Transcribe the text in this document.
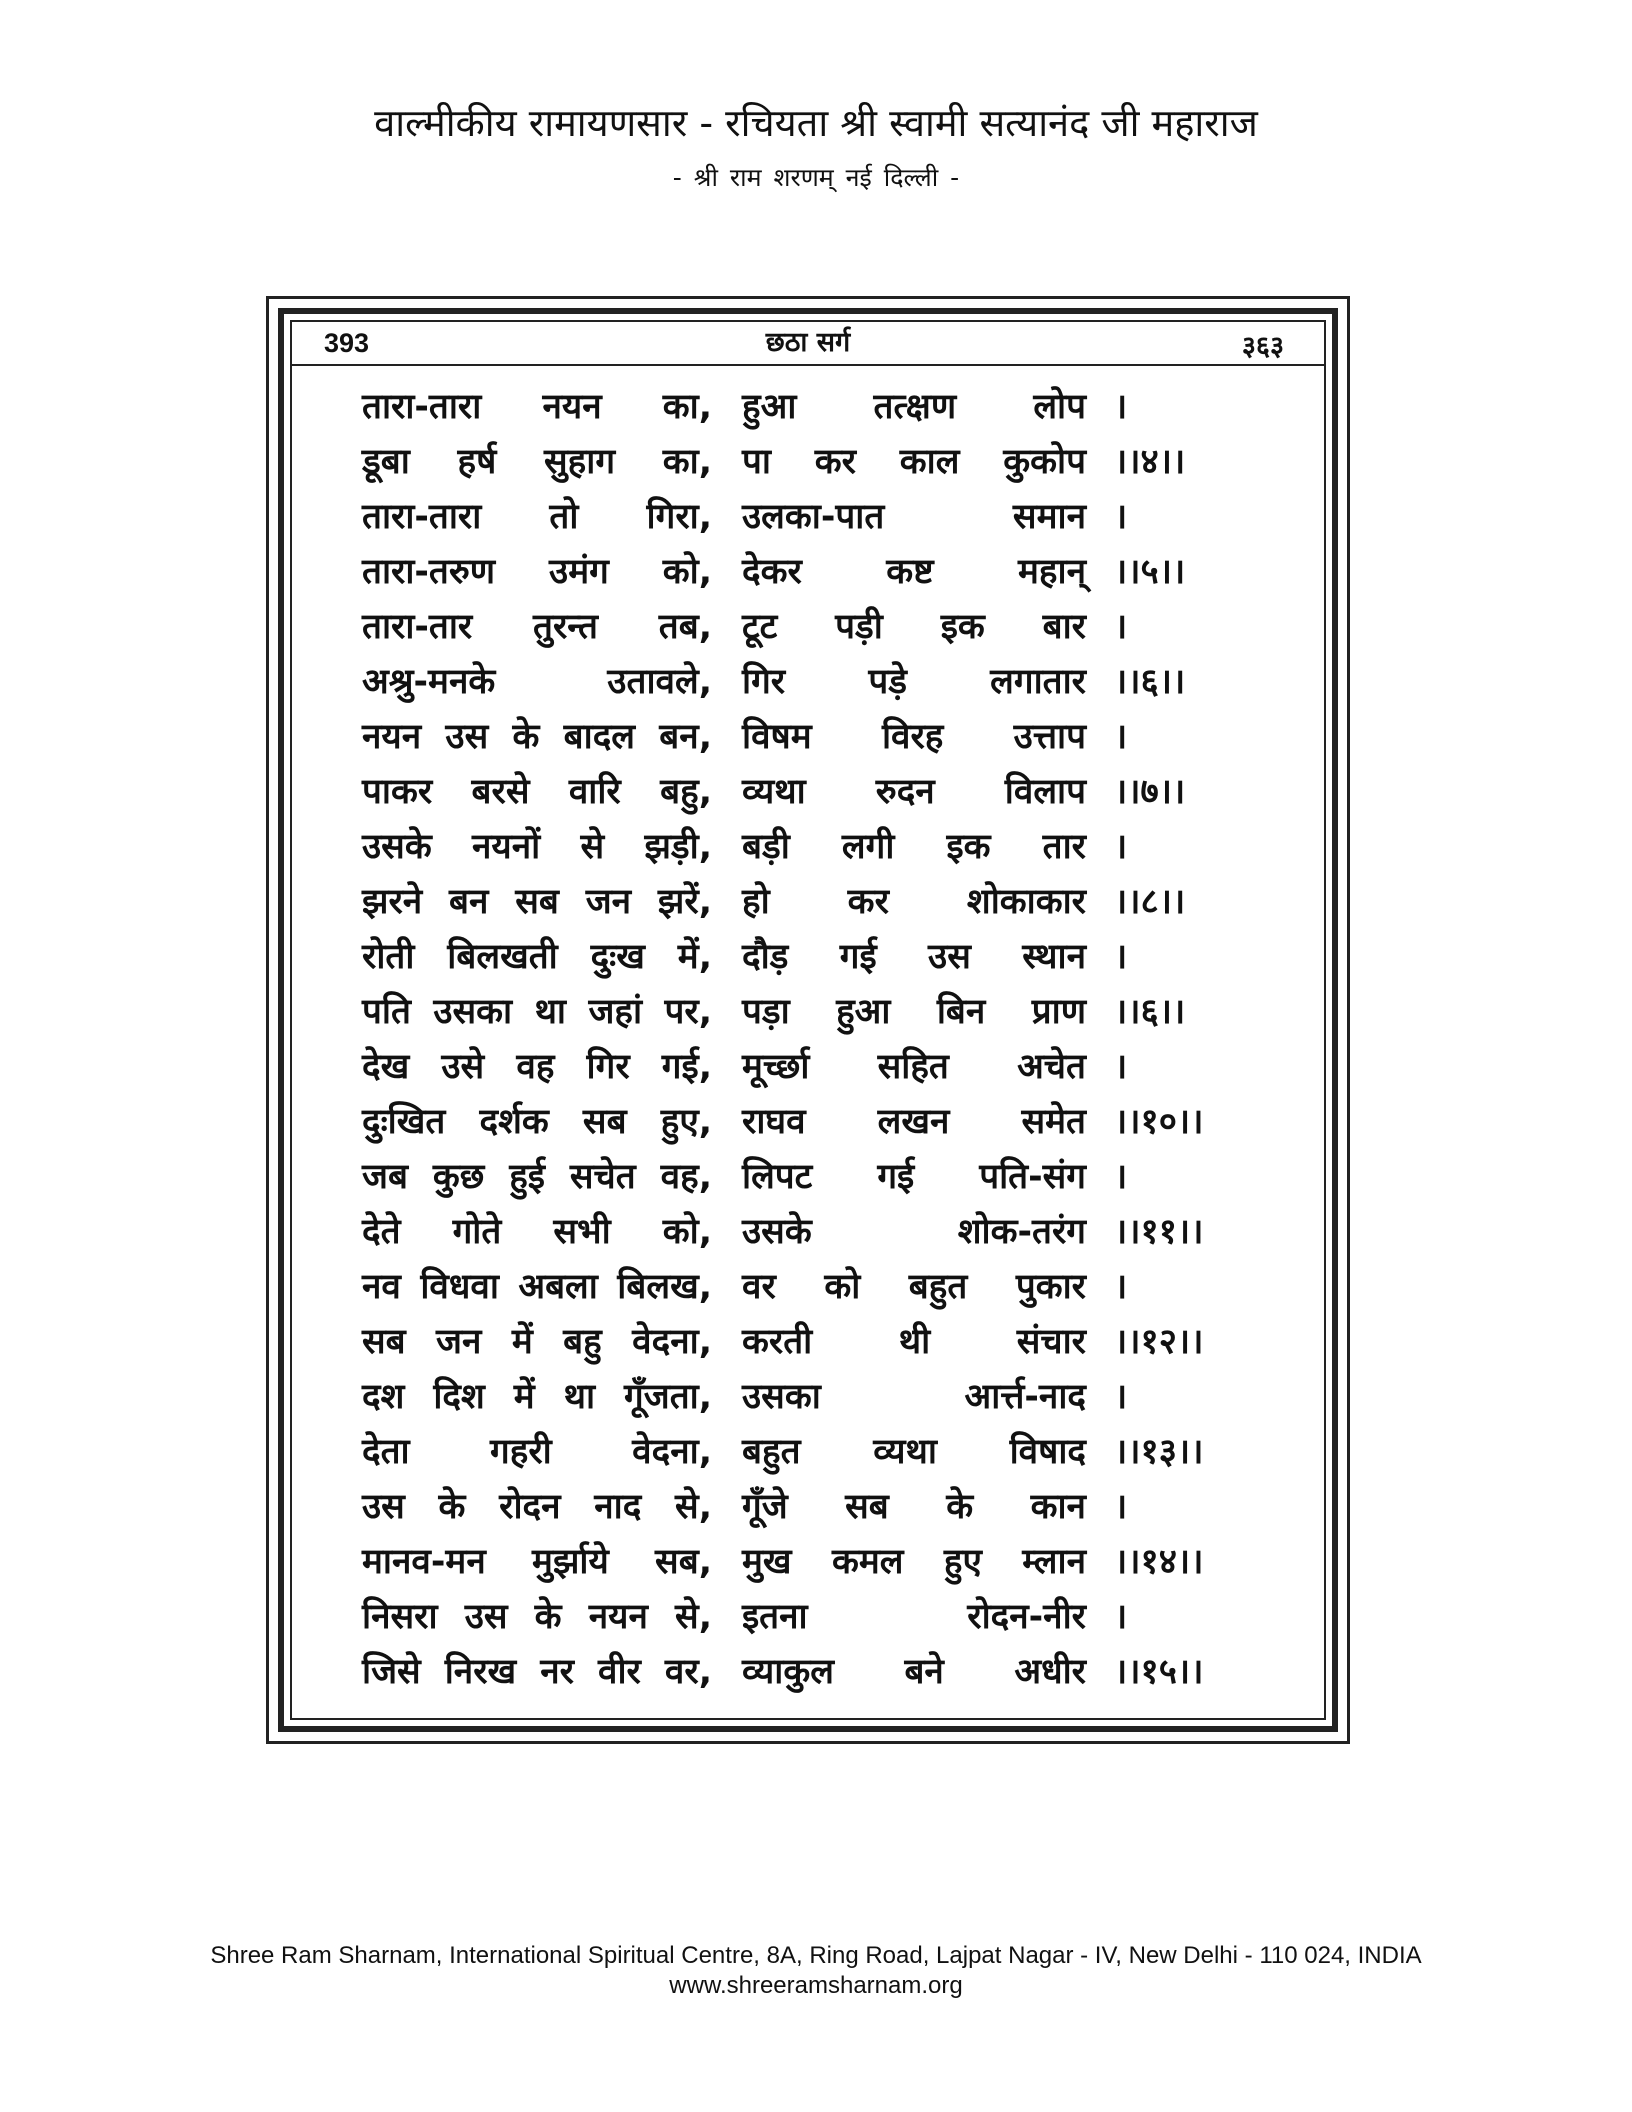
वाल्मीकीय रामायणसार - रचियता श्री स्वामी सत्यानंद जी महाराज
- श्री राम शरणम् नई दिल्ली -
393	छठा सर्ग	३६३
तारा-तारा नयन का, हुआ तत्क्षण लोप ।
डूबा हर्ष सुहाग का, पा कर काल कुकोप ।।४।।
तारा-तारा तो गिरा, उलका-पात समान ।
तारा-तरुण उमंग को, देकर कष्ट महान् ।।५।।
तारा-तार तुरन्त तब, टूट पड़ी इक बार ।
अश्रु-मनके उतावले, गिर पड़े लगातार ।।६।।
नयन उस के बादल बन, विषम विरह उत्ताप ।
पाकर बरसे वारि बहु, व्यथा रुदन विलाप ।।७।।
उसके नयनों से झड़ी, बड़ी लगी इक तार ।
झरने बन सब जन झरें, हो कर शोकाकार ।।८।।
रोती बिलखती दुःख में, दौड़ गई उस स्थान ।
पति उसका था जहां पर, पड़ा हुआ बिन प्राण ।।६।।
देख उसे वह गिर गई, मूर्च्छा सहित अचेत ।
दुःखित दर्शक सब हुए, राघव लखन समेत ।।१०।।
जब कुछ हुई सचेत वह, लिपट गई पति-संग ।
देते गोते सभी को, उसके शोक-तरंग ।।११।।
नव विधवा अबला बिलख, वर को बहुत पुकार ।
सब जन में बहु वेदना, करती थी संचार ।।१२।।
दश दिश में था गूँजता, उसका आर्त्त-नाद ।
देता गहरी वेदना, बहुत व्यथा विषाद ।।१३।।
उस के रोदन नाद से, गूँजे सब के कान ।
मानव-मन मुर्झाये सब, मुख कमल हुए म्लान ।।१४।।
निसरा उस के नयन से, इतना रोदन-नीर ।
जिसे निरख नर वीर वर, व्याकुल बने अधीर ।।१५।।
Shree Ram Sharnam, International Spiritual Centre, 8A, Ring Road, Lajpat Nagar - IV, New Delhi - 110 024, INDIA
www.shreeramsharnam.org
